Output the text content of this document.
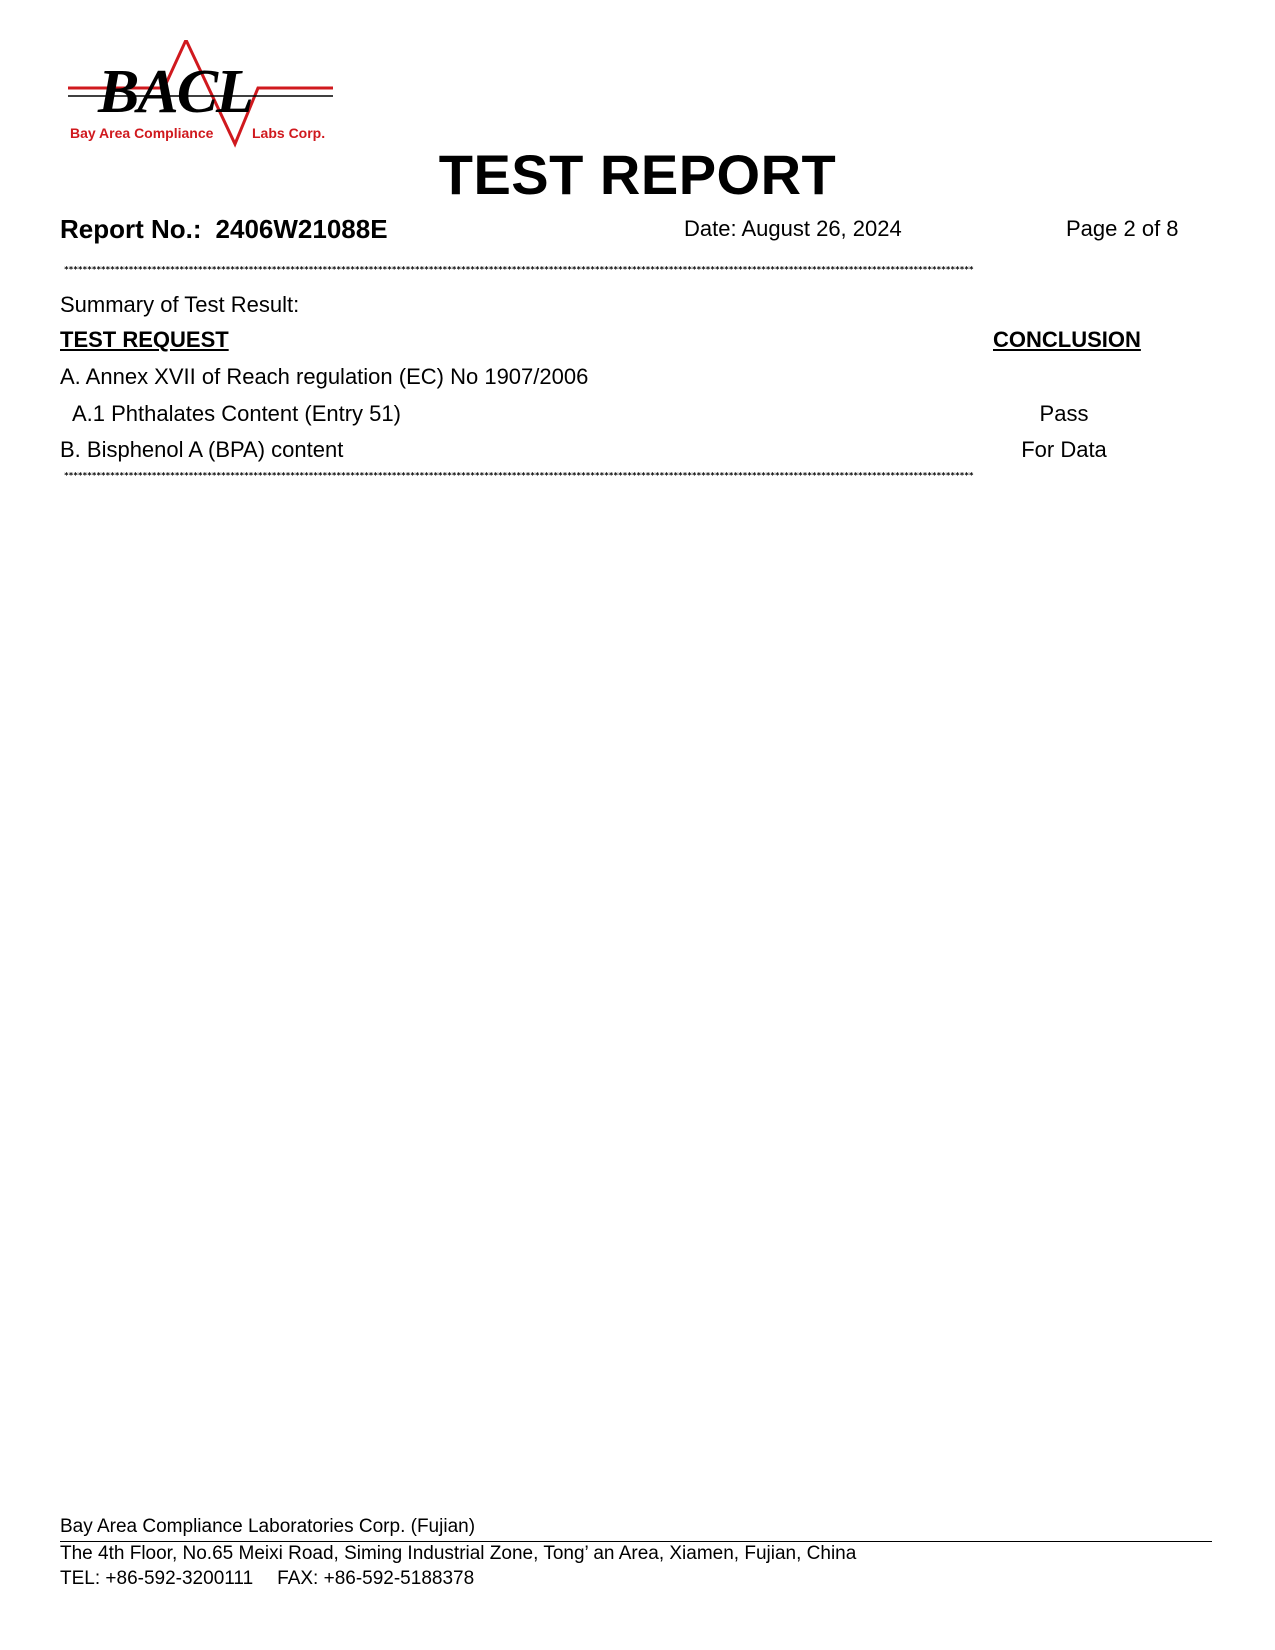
BACL
Bay Area Compliance	Labs Corp.
TEST REPORT
Report No.: 2406W21088E	Date: August 26, 2024	Page 2 of 8
*****************************************************************************************************************************************************************************************************
Summary of Test Result:
TEST REQUEST	CONCLUSION
A. Annex XVII of Reach regulation (EC) No 1907/2006
A.1 Phthalates Content (Entry 51)	Pass
B. Bisphenol A (BPA) content	For Data
*****************************************************************************************************************************************************************************************************
Bay Area Compliance Laboratories Corp. (Fujian)
The 4th Floor, No.65 Meixi Road, Siming Industrial Zone, Tong’ an Area, Xiamen, Fujian, China
TEL: +86-592-3200111 FAX: +86-592-5188378
